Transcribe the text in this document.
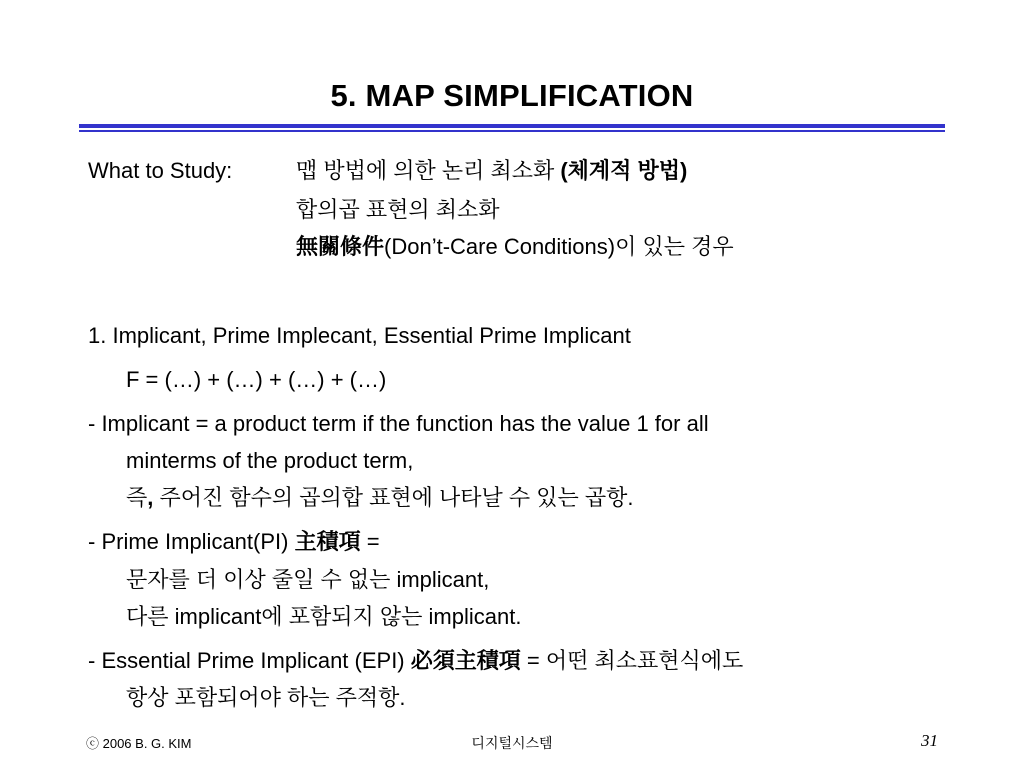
5. MAP SIMPLIFICATION
What to Study:	맵 방법에 의한 논리 최소화 (체계적 방법)
합의곱 표현의 최소화
無關條件(Don’t-Care Conditions)이 있는 경우
1. Implicant, Prime Implecant, Essential Prime Implicant
F = (…) + (…) + (…) + (…)
- Implicant = a product term if the function has the value 1 for all
minterms of the product term,
즉, 주어진 함수의 곱의합 표현에 나타날 수 있는 곱항.
- Prime Implicant(PI) 主積項 =
문자를 더 이상 줄일 수 없는 implicant,
다른 implicant에 포함되지 않는 implicant.
- Essential Prime Implicant (EPI) 必須主積項 = 어떤 최소표현식에도
항상 포함되어야 하는 주적항.
ⓒ 2006 B. G. KIM	디지털시스템	31
